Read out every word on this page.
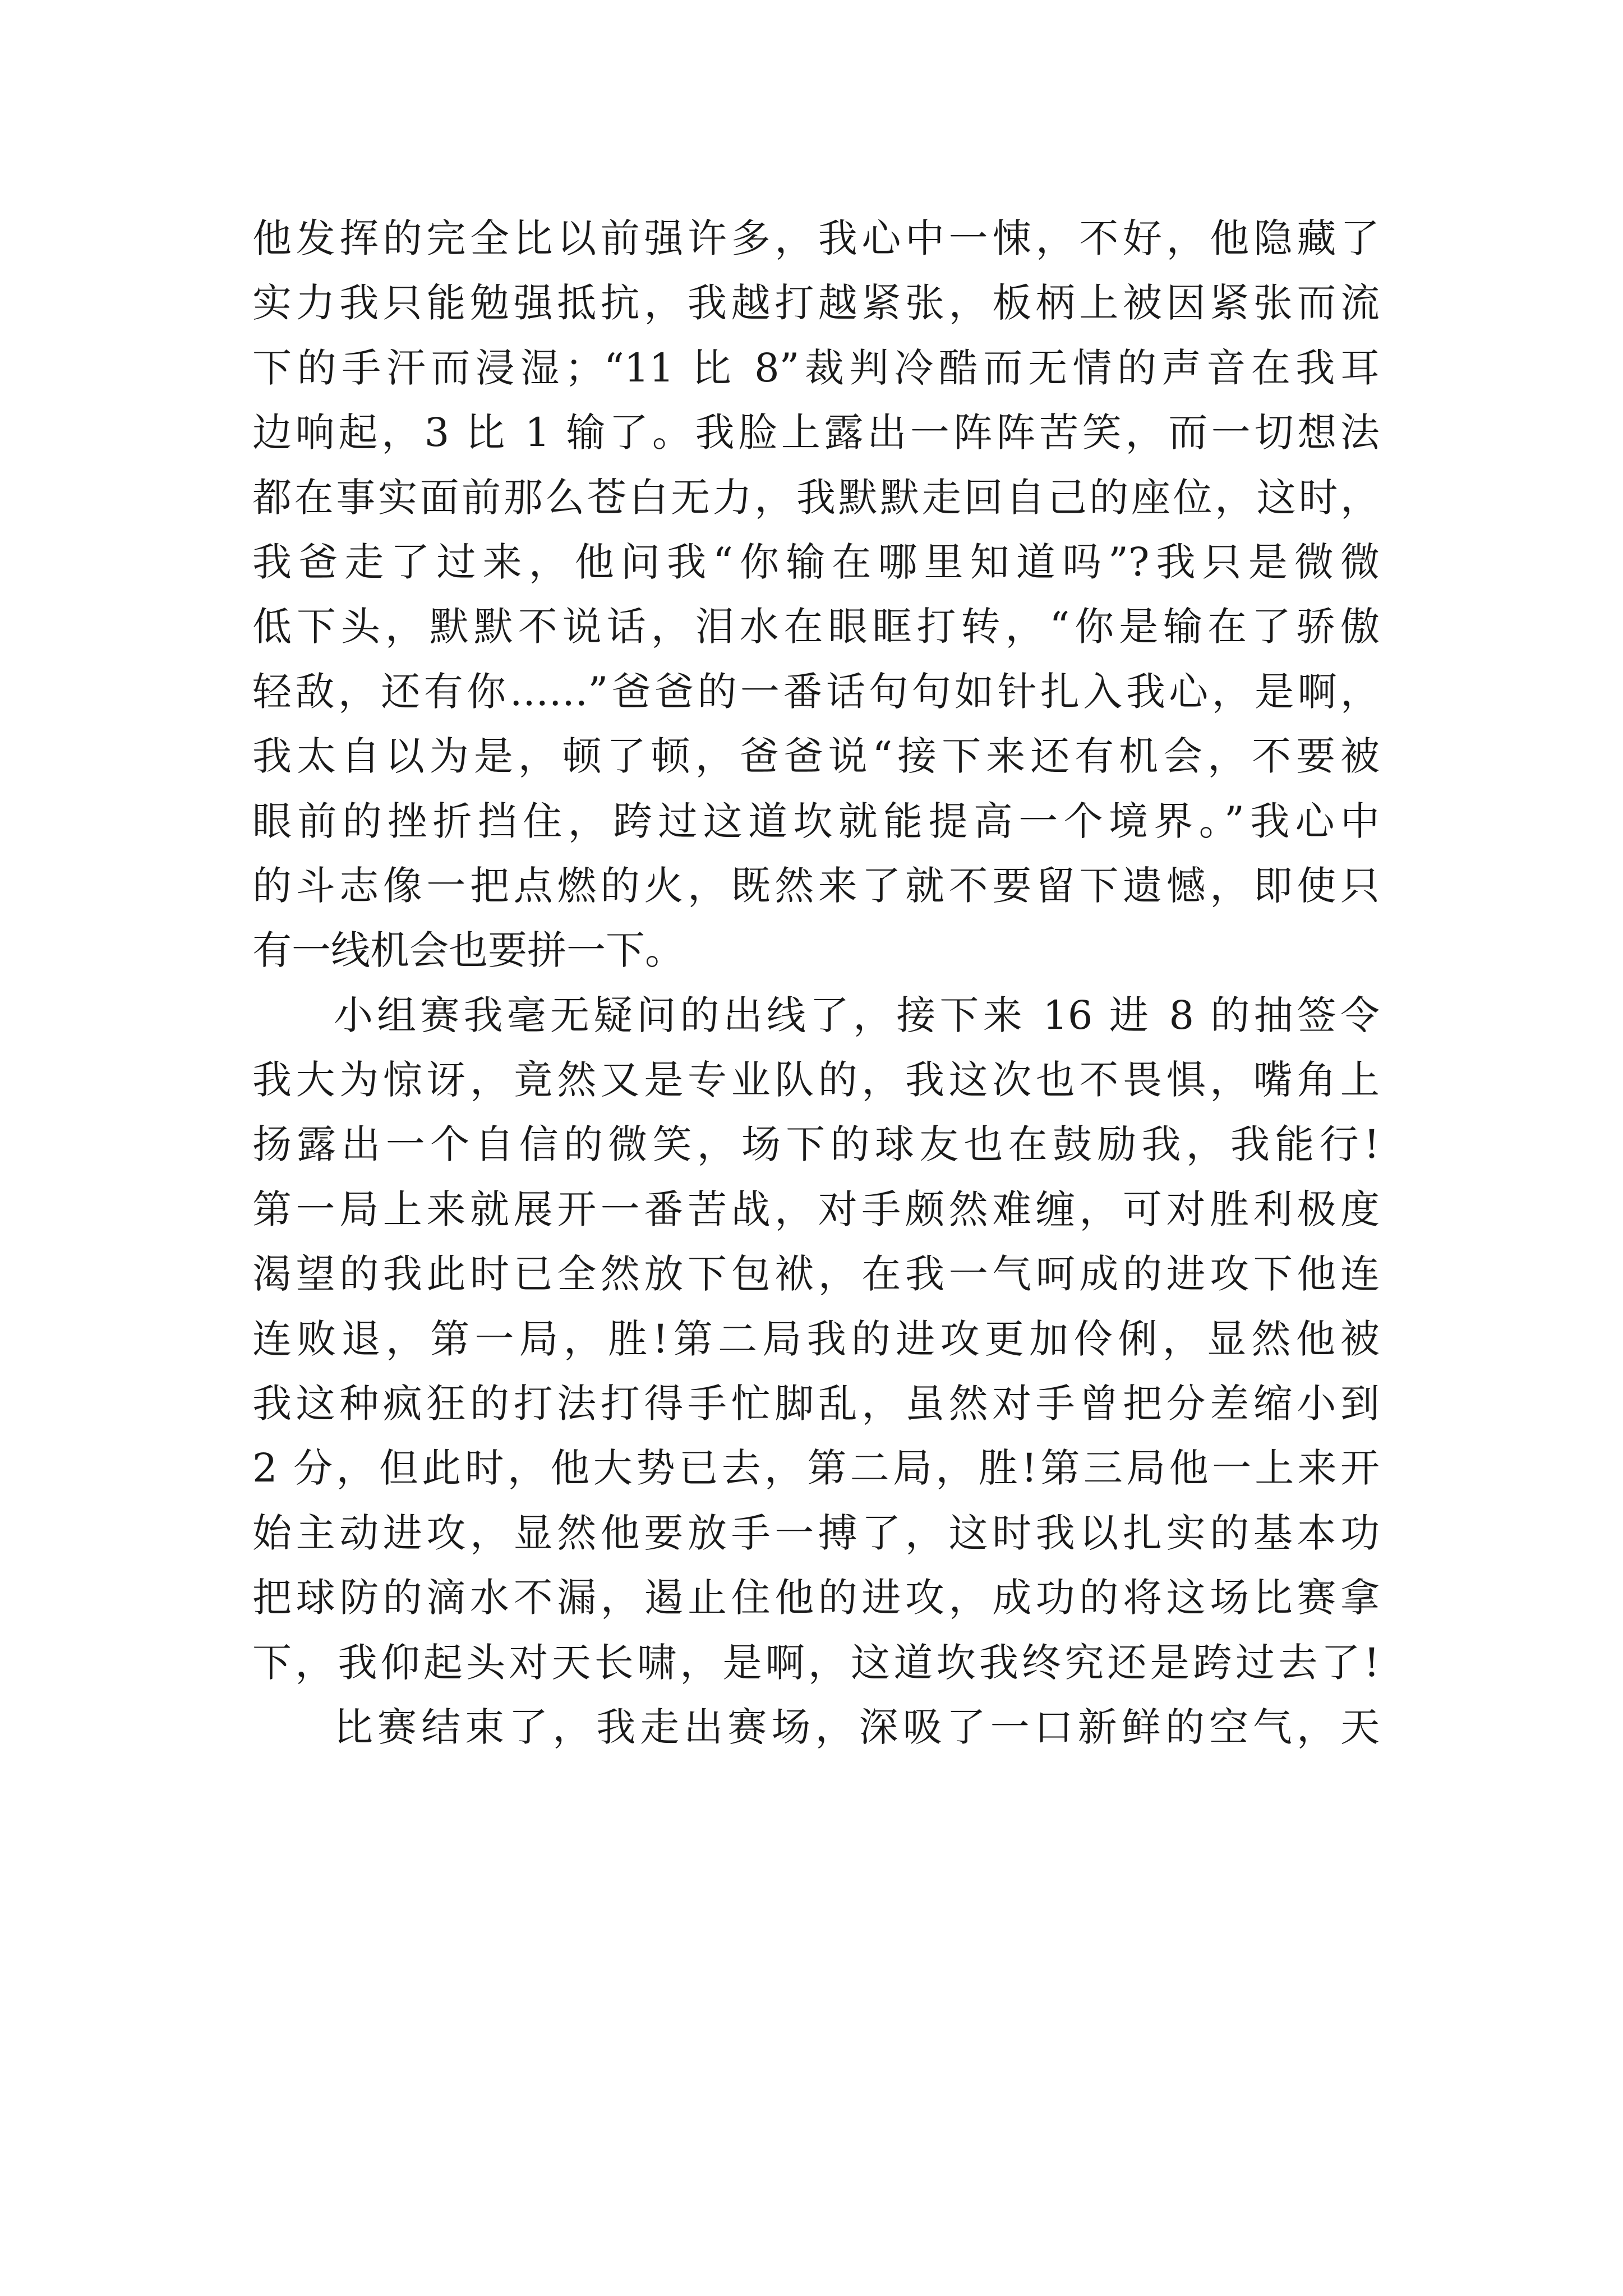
他发挥的完全比以前强许多，我心中一悚，不好，他隐藏了
实力我只能勉强抵抗，我越打越紧张，板柄上被因紧张而流
下的手汗而浸湿；“11 比 8”裁判冷酷而无情的声音在我耳
边响起，3 比 1 输了。我脸上露出一阵阵苦笑，而一切想法
都在事实面前那么苍白无力，我默默走回自己的座位，这时，
我爸走了过来，他问我“你输在哪里知道吗”?我只是微微
低下头，默默不说话，泪水在眼眶打转，“你是输在了骄傲
轻敌，还有你……”爸爸的一番话句句如针扎入我心，是啊，
我太自以为是，顿了顿，爸爸说“接下来还有机会，不要被
眼前的挫折挡住，跨过这道坎就能提高一个境界。”我心中
的斗志像一把点燃的火，既然来了就不要留下遗憾，即使只
有一线机会也要拼一下。
小组赛我毫无疑问的出线了，接下来 16 进 8 的抽签令
我大为惊讶，竟然又是专业队的，我这次也不畏惧，嘴角上
扬露出一个自信的微笑，场下的球友也在鼓励我，我能行!
第一局上来就展开一番苦战，对手颇然难缠，可对胜利极度
渴望的我此时已全然放下包袱，在我一气呵成的进攻下他连
连败退，第一局，胜!第二局我的进攻更加伶俐，显然他被
我这种疯狂的打法打得手忙脚乱，虽然对手曾把分差缩小到
2 分，但此时，他大势已去，第二局，胜!第三局他一上来开
始主动进攻，显然他要放手一搏了，这时我以扎实的基本功
把球防的滴水不漏，遏止住他的进攻，成功的将这场比赛拿
下，我仰起头对天长啸，是啊，这道坎我终究还是跨过去了!
比赛结束了，我走出赛场，深吸了一口新鲜的空气，天
